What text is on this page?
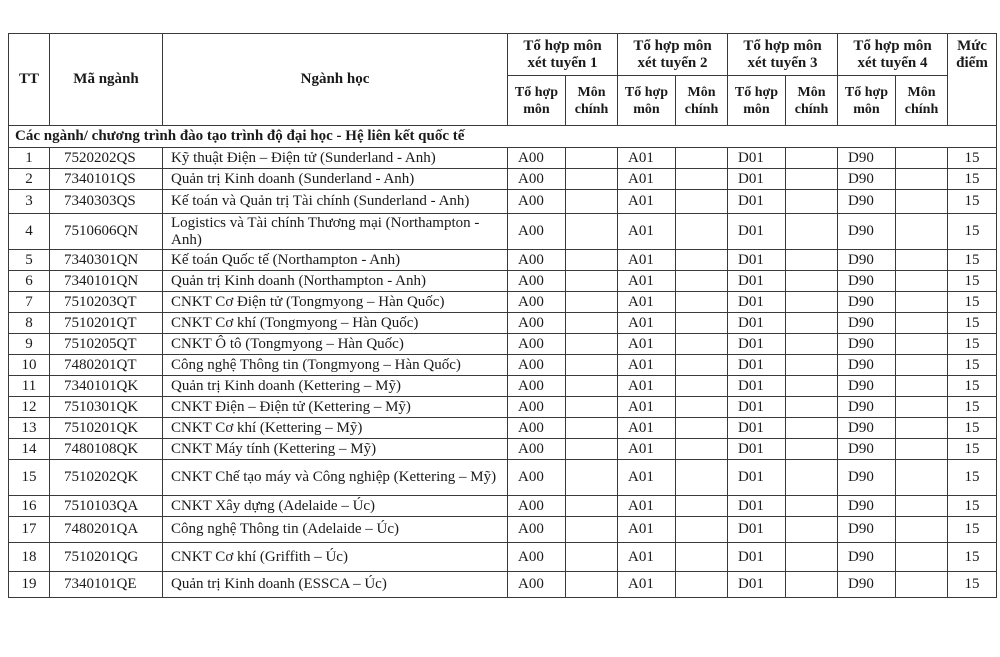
TT	Mã ngành	Ngành học	Tổ hợp môn xét tuyển 1		Tổ hợp môn xét tuyển 2		Tổ hợp môn xét tuyển 3		Tổ hợp môn xét tuyển 4		Mức điểm
			Tổ hợp môn	Môn chính	Tổ hợp môn	Môn chính	Tổ hợp môn	Môn chính	Tổ hợp môn	Môn chính	
Các ngành/ chương trình đào tạo trình độ đại học - Hệ liên kết quốc tế											
1	7520202QS	Kỹ thuật Điện – Điện tử (Sunderland - Anh)	A00		A01		D01		D90		15
2	7340101QS	Quản trị Kinh doanh (Sunderland - Anh)	A00		A01		D01		D90		15
3	7340303QS	Kế toán và Quản trị Tài chính (Sunderland - Anh)	A00		A01		D01		D90		15
4	7510606QN	Logistics và Tài chính Thương mại (Northampton - Anh)	A00		A01		D01		D90		15
5	7340301QN	Kế toán Quốc tế (Northampton - Anh)	A00		A01		D01		D90		15
6	7340101QN	Quản trị Kinh doanh (Northampton - Anh)	A00		A01		D01		D90		15
7	7510203QT	CNKT Cơ Điện tử (Tongmyong – Hàn Quốc)	A00		A01		D01		D90		15
8	7510201QT	CNKT Cơ khí (Tongmyong – Hàn Quốc)	A00		A01		D01		D90		15
9	7510205QT	CNKT Ô tô (Tongmyong – Hàn Quốc)	A00		A01		D01		D90		15
10	7480201QT	Công nghệ Thông tin (Tongmyong – Hàn Quốc)	A00		A01		D01		D90		15
11	7340101QK	Quản trị Kinh doanh (Kettering – Mỹ)	A00		A01		D01		D90		15
12	7510301QK	CNKT Điện – Điện tử (Kettering – Mỹ)	A00		A01		D01		D90		15
13	7510201QK	CNKT Cơ khí (Kettering – Mỹ)	A00		A01		D01		D90		15
14	7480108QK	CNKT Máy tính (Kettering – Mỹ)	A00		A01		D01		D90		15
15	7510202QK	CNKT Chế tạo máy và Công nghiệp (Kettering – Mỹ)	A00		A01		D01		D90		15
16	7510103QA	CNKT Xây dựng (Adelaide – Úc)	A00		A01		D01		D90		15
17	7480201QA	Công nghệ Thông tin (Adelaide – Úc)	A00		A01		D01		D90		15
18	7510201QG	CNKT Cơ khí (Griffith – Úc)	A00		A01		D01		D90		15
19	7340101QE	Quản trị Kinh doanh (ESSCA – Úc)	A00		A01		D01		D90		15
